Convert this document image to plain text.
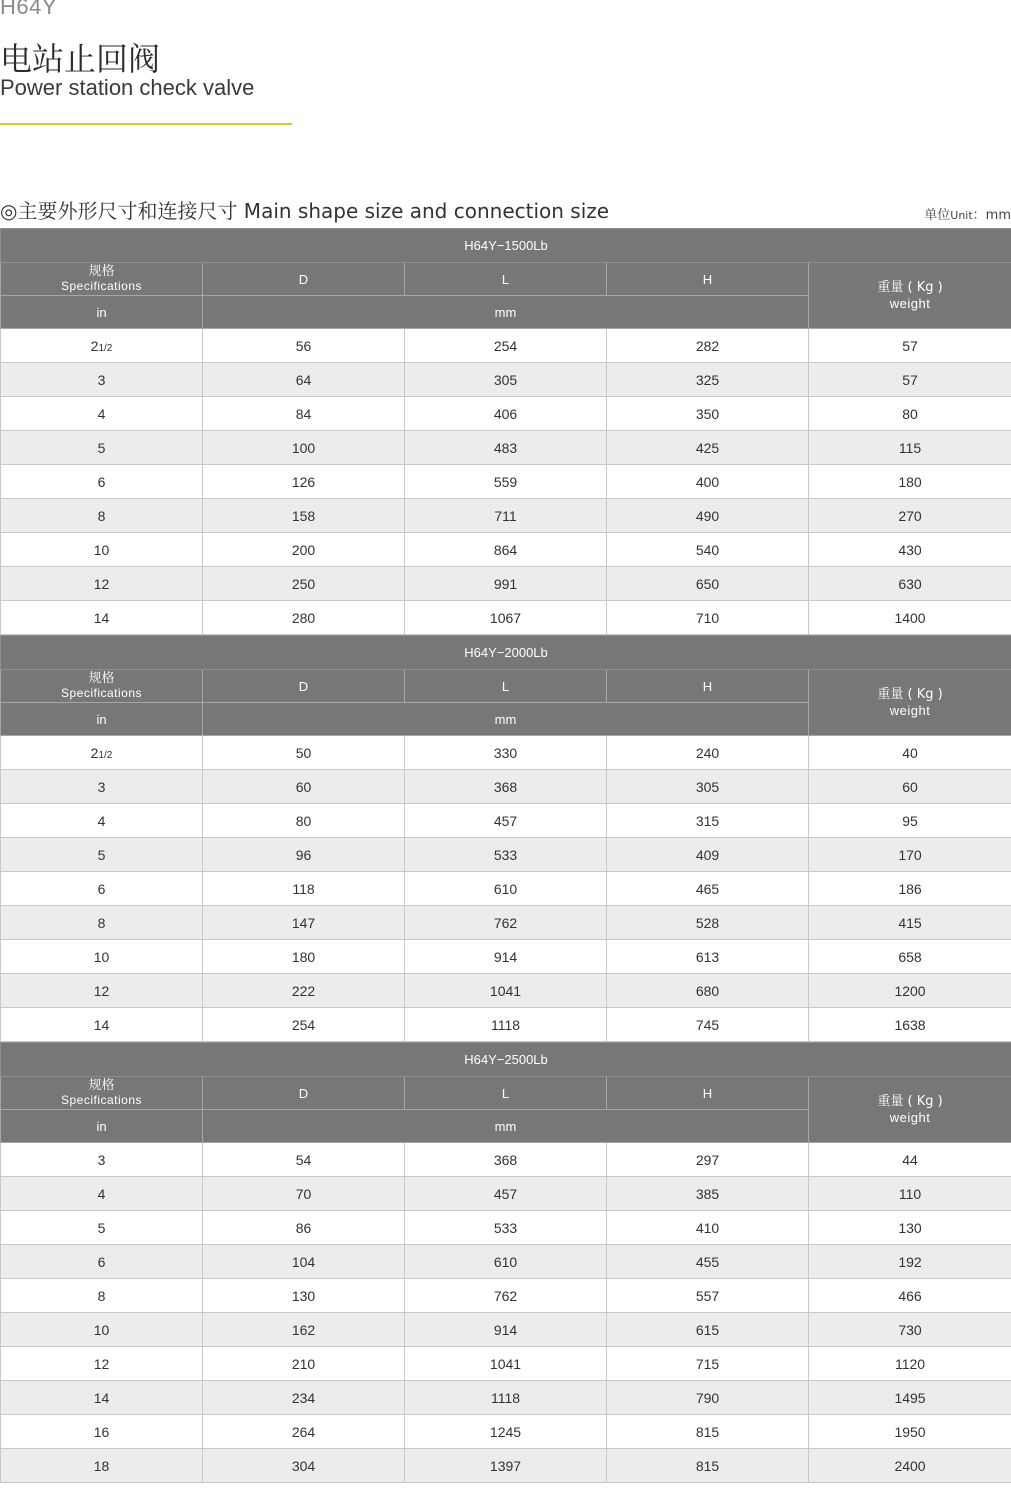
H64Y
电站止回阀
Power station check valve
◎主要外形尺寸和连接尺寸 Main shape size and connection size	单位Unit：mm
H64Y−1500Lb				

规格
Specifications	D	L	H	重量 ( Kg )
weight

in	mm			
21/2	56	254	282	57
3	64	305	325	57
4	84	406	350	80
5	100	483	425	115
6	126	559	400	180
8	158	711	490	270
10	200	864	540	430
12	250	991	650	630
14	280	1067	710	1400
H64Y−2000Lb				

规格
Specifications	D	L	H	重量 ( Kg )
weight

in	mm			
21/2	50	330	240	40
3	60	368	305	60
4	80	457	315	95
5	96	533	409	170
6	118	610	465	186
8	147	762	528	415
10	180	914	613	658
12	222	1041	680	1200
14	254	1118	745	1638
H64Y−2500Lb				

规格
Specifications	D	L	H	重量 ( Kg )
weight

in	mm			
3	54	368	297	44
4	70	457	385	110
5	86	533	410	130
6	104	610	455	192
8	130	762	557	466
10	162	914	615	730
12	210	1041	715	1120
14	234	1118	790	1495
16	264	1245	815	1950
18	304	1397	815	2400
